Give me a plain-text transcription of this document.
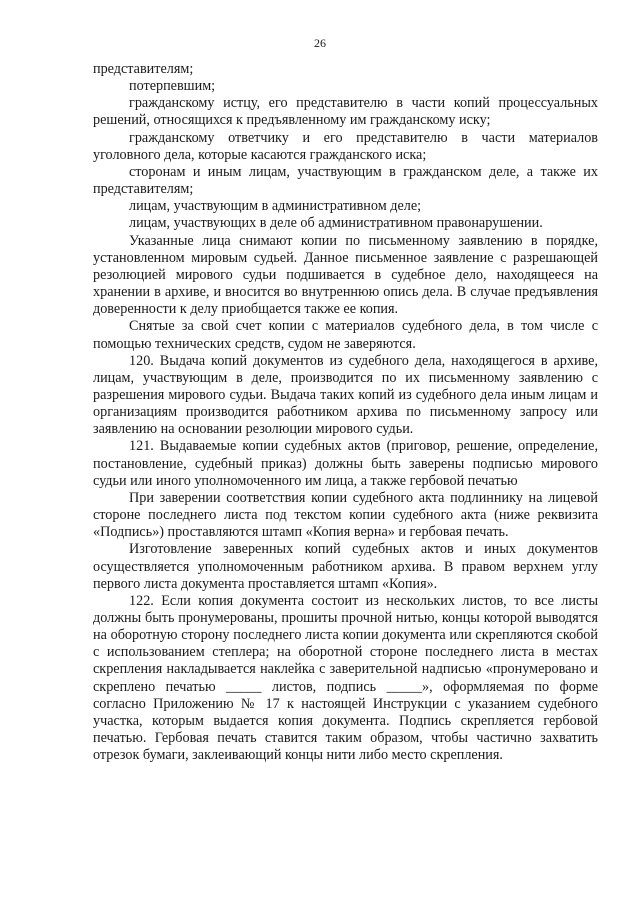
26

представителям;

потерпевшим;

гражданскому истцу, его представителю в части копий процессуальных решений, относящихся к предъявленному им гражданскому иску;

гражданскому ответчику и его представителю в части материалов уголовного дела, которые касаются гражданского иска;

сторонам и иным лицам, участвующим в гражданском деле, а также их представителям;

лицам, участвующим в административном деле;

лицам, участвующих в деле об административном правонарушении.

Указанные лица снимают копии по письменному заявлению в порядке, установленном мировым судьей. Данное письменное заявление с разрешающей резолюцией мирового судьи подшивается в судебное дело, находящееся на хранении в архиве, и вносится во внутреннюю опись дела. В случае предъявления доверенности к делу приобщается также ее копия.

Снятые за свой счет копии с материалов судебного дела, в том числе с помощью технических средств, судом не заверяются.

120. Выдача копий документов из судебного дела, находящегося в архиве, лицам, участвующим в деле, производится по их письменному заявлению с разрешения мирового судьи. Выдача таких копий из судебного дела иным лицам и организациям производится работником архива по письменному запросу или заявлению на основании резолюции мирового судьи.

121. Выдаваемые копии судебных актов (приговор, решение, определение, постановление, судебный приказ) должны быть заверены подписью мирового судьи или иного уполномоченного им лица, а также гербовой печатью

При заверении соответствия копии судебного акта подлиннику на лицевой стороне последнего листа под текстом копии судебного акта (ниже реквизита «Подпись») проставляются штамп «Копия верна» и гербовая печать.

Изготовление заверенных копий судебных актов и иных документов осуществляется уполномоченным работником архива. В правом верхнем углу первого листа документа проставляется штамп «Копия».

122. Если копия документа состоит из нескольких листов, то все листы должны быть пронумерованы, прошиты прочной нитью, концы которой выводятся на оборотную сторону последнего листа копии документа или скрепляются скобой с использованием степлера; на оборотной стороне последнего листа в местах скрепления накладывается наклейка с заверительной надписью «пронумеровано и скреплено печатью _____ листов, подпись _____», оформляемая по форме согласно Приложению № 17 к настоящей Инструкции с указанием судебного участка, которым выдается копия документа. Подпись скрепляется гербовой печатью. Гербовая печать ставится таким образом, чтобы частично захватить отрезок бумаги, заклеивающий концы нити либо место скрепления.
